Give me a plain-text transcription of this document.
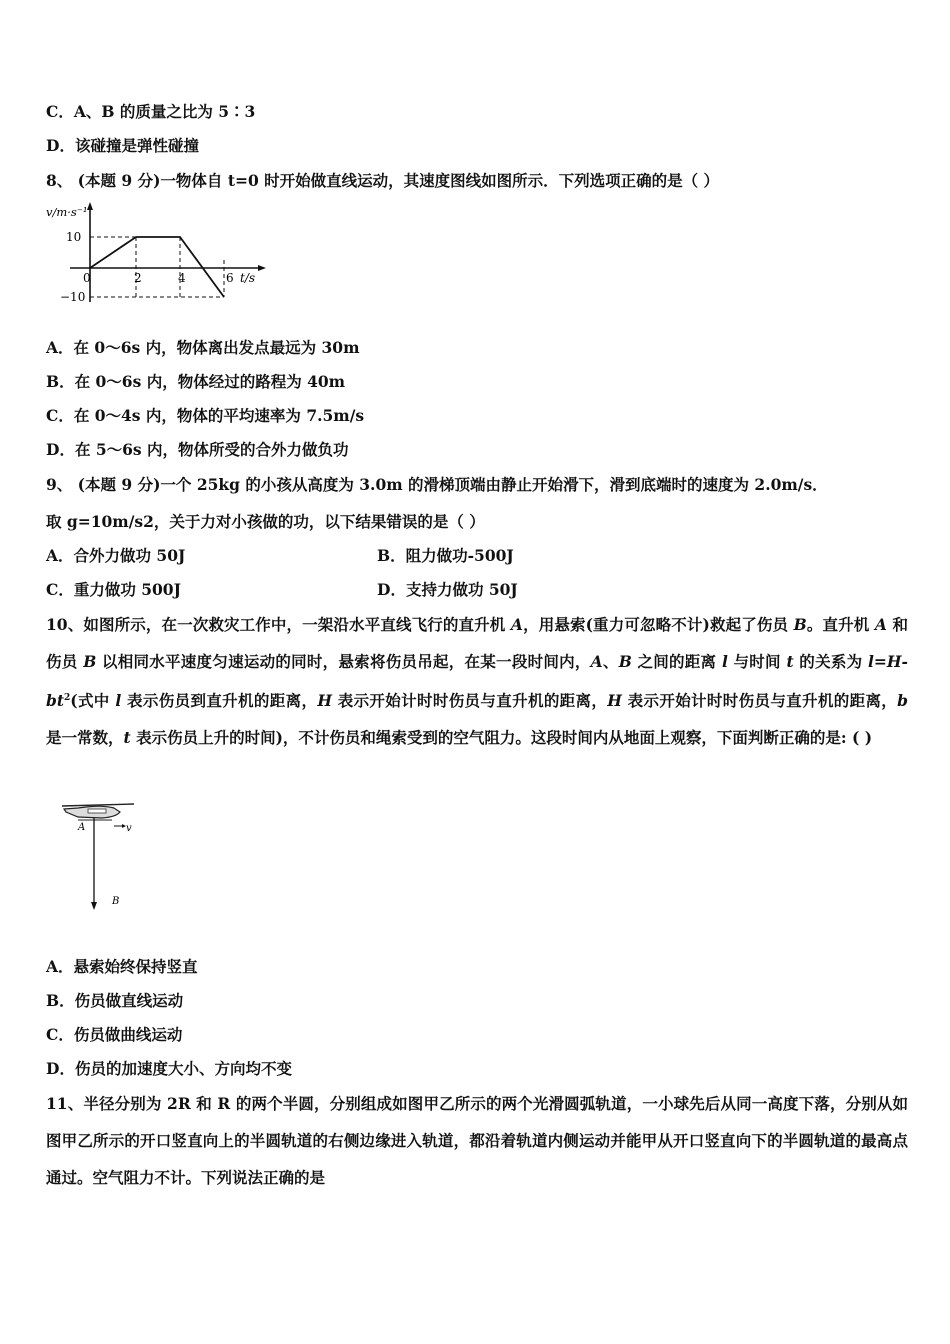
C．A、B 的质量之比为 5∶3
D．该碰撞是弹性碰撞
8、 (本题 9 分)一物体自 t=0 时开始做直线运动，其速度图线如图所示．下列选项正确的是（ ）
v/m·s⁻¹
10
−10
0	2	4	6 t/s
A．在 0～6s 内，物体离出发点最远为 30m
B．在 0～6s 内，物体经过的路程为 40m
C．在 0～4s 内，物体的平均速率为 7.5m/s
D．在 5～6s 内，物体所受的合外力做负功
9、 (本题 9 分)一个 25kg 的小孩从高度为 3.0m 的滑梯顶端由静止开始滑下，滑到底端时的速度为 2.0m/s．
取 g=10m/s2，关于力对小孩做的功，以下结果错误的是（ ）
A．合外力做功 50J	B．阻力做功-500J
C．重力做功 500J	D．支持力做功 50J
10、如图所示，在一次救灾工作中，一架沿水平直线飞行的直升机 A，用悬索(重力可忽略不计)救起了伤员 B。直升机 A 和伤员 B 以相同水平速度匀速运动的同时，悬索将伤员吊起，在某一段时间内，A、B 之间的距离 l 与时间 t 的关系为 $l=H-bt^2$(式中 l 表示伤员到直升机的距离，H 表示开始计时时伤员与直升机的距离，H 表示开始计时时伤员与直升机的距离，b 是一常数，t 表示伤员上升的时间)，不计伤员和绳索受到的空气阻力。这段时间内从地面上观察，下面判断正确的是: ( )
A	v
B
A．悬索始终保持竖直
B．伤员做直线运动
C．伤员做曲线运动
D．伤员的加速度大小、方向均不变
11、半径分别为 2R 和 R 的两个半圆，分别组成如图甲乙所示的两个光滑圆弧轨道，一小球先后从同一高度下落，分别从如图甲乙所示的开口竖直向上的半圆轨道的右侧边缘进入轨道，都沿着轨道内侧运动并能甲从开口竖直向下的半圆轨道的最高点通过。空气阻力不计。下列说法正确的是
